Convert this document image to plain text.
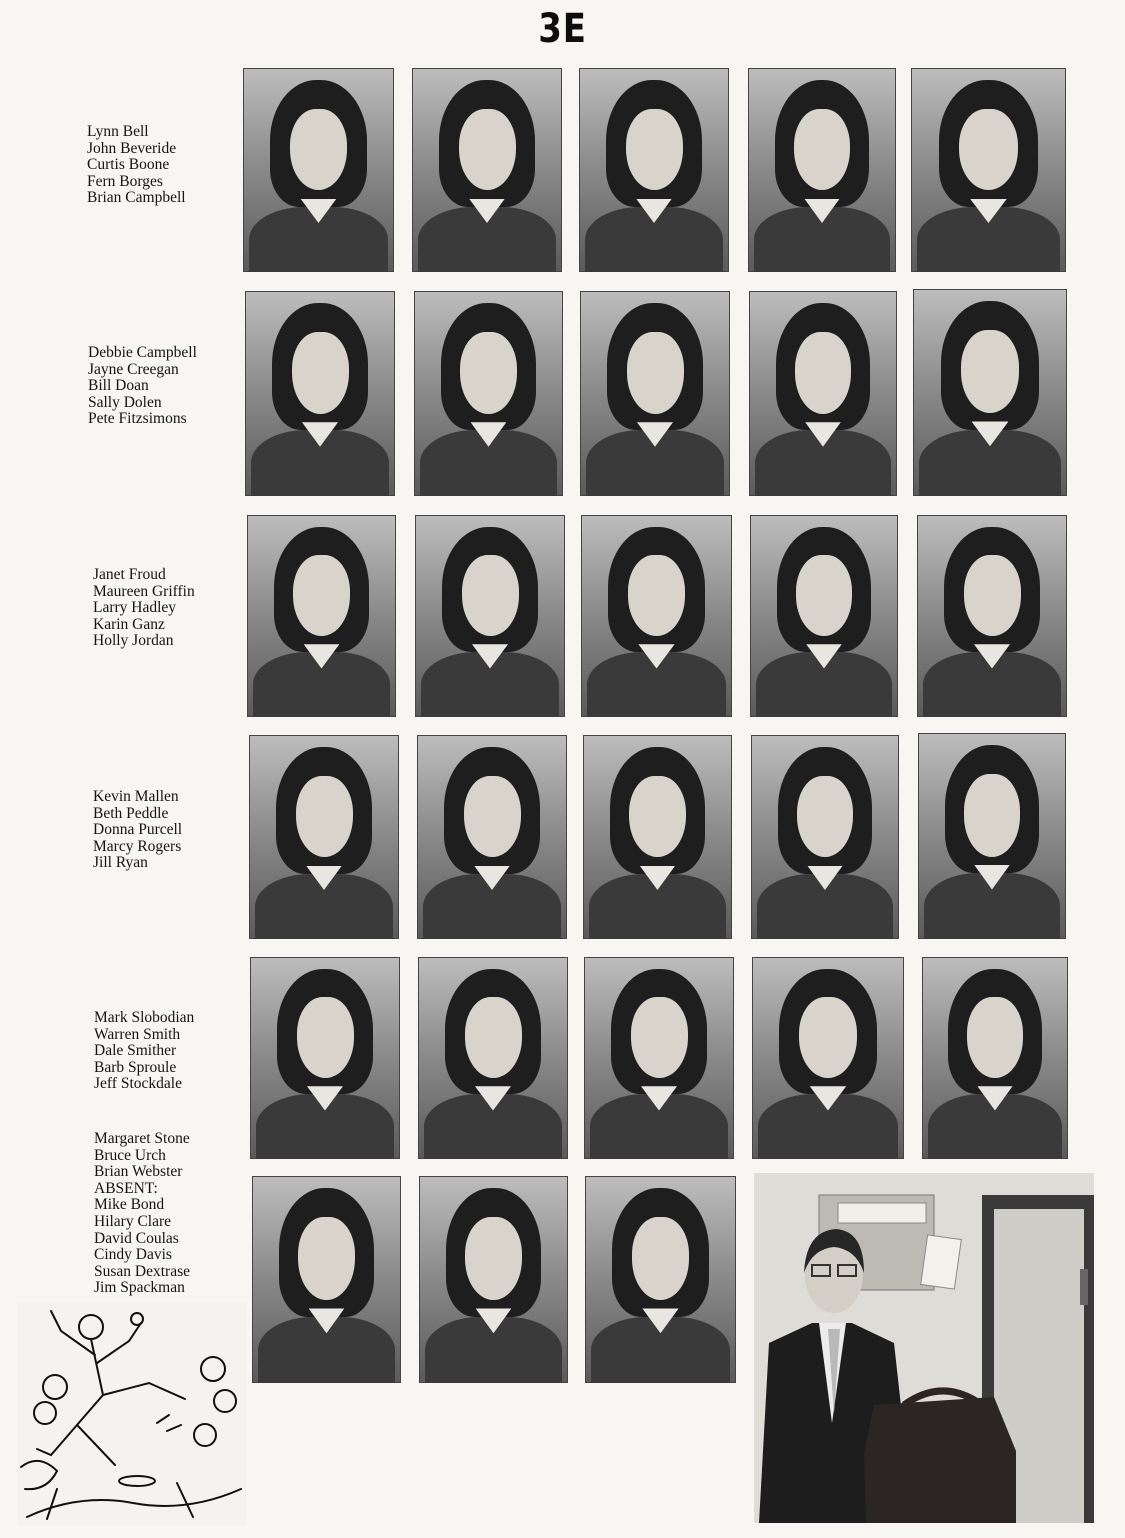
3E
Lynn Bell
John Beveride
Curtis Boone
Fern Borges
Brian Campbell
Debbie Campbell
Jayne Creegan
Bill Doan
Sally Dolen
Pete Fitzsimons
Janet Froud
Maureen Griffin
Larry Hadley
Karin Ganz
Holly Jordan
Kevin Mallen
Beth Peddle
Donna Purcell
Marcy Rogers
Jill Ryan
Mark Slobodian
Warren Smith
Dale Smither
Barb Sproule
Jeff Stockdale
Margaret Stone
Bruce Urch
Brian Webster
ABSENT:
Mike Bond
Hilary Clare
David Coulas
Cindy Davis
Susan Dextrase
Jim Spackman
